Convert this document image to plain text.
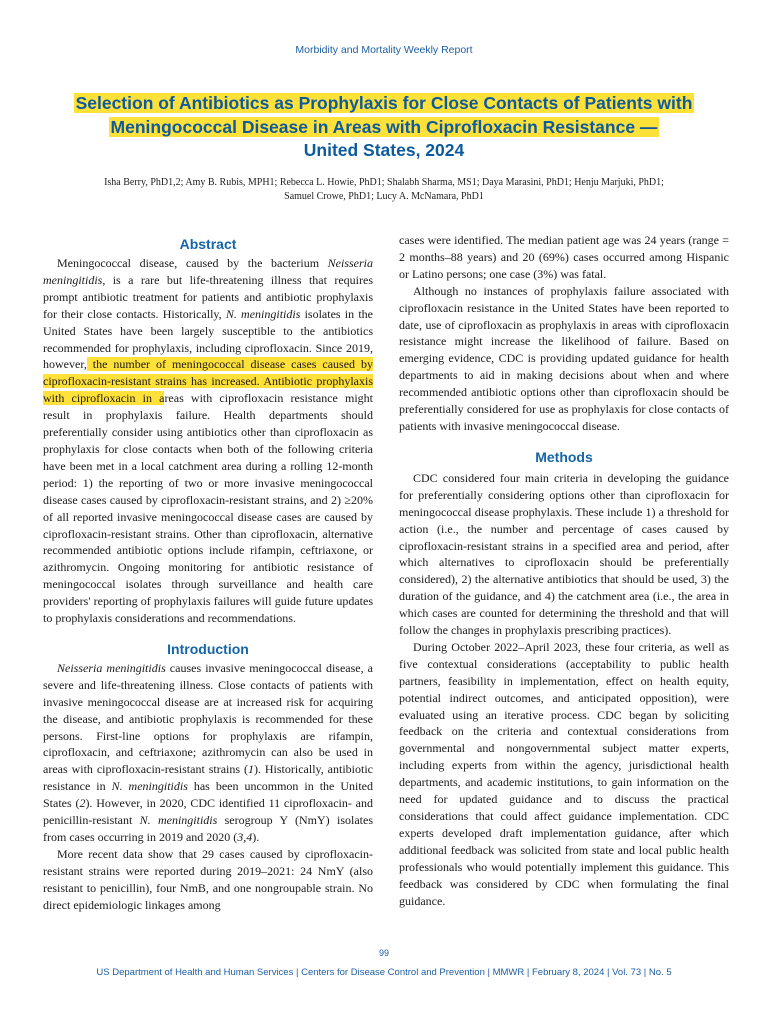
Morbidity and Mortality Weekly Report
Selection of Antibiotics as Prophylaxis for Close Contacts of Patients with
Meningococcal Disease in Areas with Ciprofloxacin Resistance —
United States, 2024
Isha Berry, PhD1,2; Amy B. Rubis, MPH1; Rebecca L. Howie, PhD1; Shalabh Sharma, MS1; Daya Marasini, PhD1; Henju Marjuki, PhD1;
Samuel Crowe, PhD1; Lucy A. McNamara, PhD1
Abstract

Meningococcal disease, caused by the bacterium Neisseria meningitidis, is a rare but life-threatening illness that requires prompt antibiotic treatment for patients and antibiotic prophylaxis for their close contacts. Historically, N. meningitidis isolates in the United States have been largely susceptible to the antibiotics recommended for prophylaxis, including ciprofloxacin. Since 2019, however, the number of meningococcal disease cases caused by ciprofloxacin-resistant strains has increased. Antibiotic prophylaxis with ciprofloxacin in areas with ciprofloxacin resistance might result in prophylaxis failure. Health departments should preferentially consider using antibiotics other than ciprofloxacin as prophylaxis for close contacts when both of the following criteria have been met in a local catchment area during a rolling 12-month period: 1) the reporting of two or more invasive meningococcal disease cases caused by ciprofloxacin-resistant strains, and 2) ≥20% of all reported invasive meningococcal disease cases are caused by ciprofloxacin-resistant strains. Other than ciprofloxacin, alternative recommended antibiotic options include rifampin, ceftriaxone, or azithromycin. Ongoing monitoring for antibiotic resistance of meningococcal isolates through surveillance and health care providers' reporting of prophylaxis failures will guide future updates to prophylaxis considerations and recommendations.

Introduction

Neisseria meningitidis causes invasive meningococcal disease, a severe and life-threatening illness. Close contacts of patients with invasive meningococcal disease are at increased risk for acquiring the disease, and antibiotic prophylaxis is recommended for these persons. First-line options for prophylaxis are rifampin, ciprofloxacin, and ceftriaxone; azithromycin can also be used in areas with ciprofloxacin-resistant strains (1). Historically, antibiotic resistance in N. meningitidis has been uncommon in the United States (2). However, in 2020, CDC identified 11 ciprofloxacin- and penicillin-resistant N. meningitidis serogroup Y (NmY) isolates from cases occurring in 2019 and 2020 (3,4).

More recent data show that 29 cases caused by ciprofloxacin-resistant strains were reported during 2019–2021: 24 NmY (also resistant to penicillin), four NmB, and one nongroupable strain. No direct epidemiologic linkages among

cases were identified. The median patient age was 24 years (range = 2 months–88 years) and 20 (69%) cases occurred among Hispanic or Latino persons; one case (3%) was fatal.

Although no instances of prophylaxis failure associated with ciprofloxacin resistance in the United States have been reported to date, use of ciprofloxacin as prophylaxis in areas with ciprofloxacin resistance might increase the likelihood of failure. Based on emerging evidence, CDC is providing updated guidance for health departments to aid in making decisions about when and where recommended antibiotic options other than ciprofloxacin should be preferentially considered for use as prophylaxis for close contacts of patients with invasive meningococcal disease.

Methods

CDC considered four main criteria in developing the guidance for preferentially considering options other than ciprofloxacin for meningococcal disease prophylaxis. These include 1) a threshold for action (i.e., the number and percentage of cases caused by ciprofloxacin-resistant strains in a specified area and period, after which alternatives to ciprofloxacin should be preferentially considered), 2) the alternative antibiotics that should be used, 3) the duration of the guidance, and 4) the catchment area (i.e., the area in which cases are counted for determining the threshold and that will follow the changes in prophylaxis prescribing practices).

During October 2022–April 2023, these four criteria, as well as five contextual considerations (acceptability to public health partners, feasibility in implementation, effect on health equity, potential indirect outcomes, and anticipated opposition), were evaluated using an iterative process. CDC began by soliciting feedback on the criteria and contextual considerations from governmental and nongovernmental subject matter experts, including experts from within the agency, jurisdictional health departments, and academic institutions, to gain information on the need for updated guidance and to discuss the practical considerations that could affect guidance implementation. CDC experts developed draft implementation guidance, after which additional feedback was solicited from state and local public health professionals who would potentially implement this guidance. This feedback was considered by CDC when formulating the final guidance.

99
US Department of Health and Human Services | Centers for Disease Control and Prevention | MMWR | February 8, 2024 | Vol. 73 | No. 5
